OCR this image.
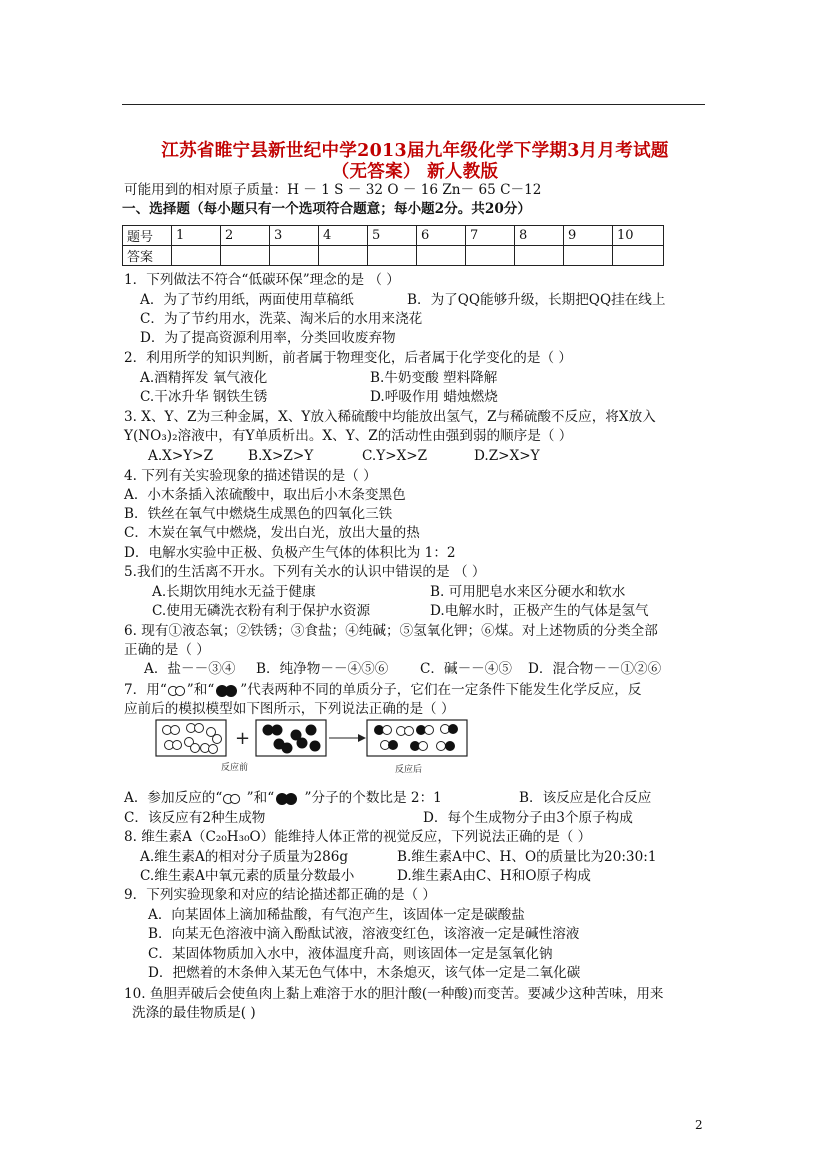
江苏省睢宁县新世纪中学2013届九年级化学下学期3月月考试题
（无答案） 新人教版
可能用到的相对原子质量：H － 1 S － 32 O － 16 Zn－ 65 C－12
一、选择题（每小题只有一个选项符合题意；每小题2分。共20分）
题号	1	2	3	4	5	6	7	8	9	10
答案										
1．下列做法不符合“低碳环保”理念的是 （ ）
A．为了节约用纸，两面使用草稿纸	B．为了QQ能够升级，长期把QQ挂在线上
C．为了节约用水，洗菜、淘米后的水用来浇花
D．为了提高资源利用率，分类回收废弃物
2．利用所学的知识判断，前者属于物理变化，后者属于化学变化的是（ ）
A.酒精挥发 氧气液化	B.牛奶变酸 塑料降解
C.干冰升华 钢铁生锈	D.呼吸作用 蜡烛燃烧
3. X、Y、Z为三种金属，X、Y放入稀硫酸中均能放出氢气，Z与稀硫酸不反应，将X放入
Y(NO₃)₂溶液中，有Y单质析出。X、Y、Z的活动性由强到弱的顺序是（ ）
A.X>Y>Z	B.X>Z>Y	C.Y>X>Z	D.Z>X>Y
4. 下列有关实验现象的描述错误的是（ ）
A．小木条插入浓硫酸中，取出后小木条变黑色
B．铁丝在氧气中燃烧生成黑色的四氧化三铁
C．木炭在氧气中燃烧，发出白光，放出大量的热
D．电解水实验中正极、负极产生气体的体积比为 1：2
5.我们的生活离不开水。下列有关水的认识中错误的是 （ ）
A.长期饮用纯水无益于健康	B. 可用肥皂水来区分硬水和软水
C.使用无磷洗衣粉有利于保护水资源	D.电解水时，正极产生的气体是氢气
6. 现有①液态氧；②铁锈；③食盐；④纯碱；⑤氢氧化钾；⑥煤。对上述物质的分类全部
正确的是（ ）
A．盐－－③④ B．纯净物－－④⑤⑥ C．碱－－④⑤ D．混合物－－①②⑥
7．用“ ”和“ ”代表两种不同的单质分子，它们在一定条件下能发生化学反应，反
应前后的模拟模型如下图所示，下列说法正确的是（ ）
+
反应前	反应后
A．参加反应的“ ”和“ ”分子的个数比是 2：1	B．该反应是化合反应
C．该反应有2种生成物	D．每个生成物分子由3个原子构成
8. 维生素A（C₂₀H₃₀O）能维持人体正常的视觉反应，下列说法正确的是（ ）
A.维生素A的相对分子质量为286g	B.维生素A中C、H、O的质量比为20:30:1
C.维生素A中氧元素的质量分数最小	D.维生素A由C、H和O原子构成
9．下列实验现象和对应的结论描述都正确的是（ ）
A．向某固体上滴加稀盐酸，有气泡产生，该固体一定是碳酸盐
B．向某无色溶液中滴入酚酞试液，溶液变红色，该溶液一定是碱性溶液
C．某固体物质加入水中，液体温度升高，则该固体一定是氢氧化钠
D．把燃着的木条伸入某无色气体中，木条熄灭，该气体一定是二氧化碳
10. 鱼胆弄破后会使鱼肉上黏上难溶于水的胆汁酸(一种酸)而变苦。要减少这种苦味，用来
洗涤的最佳物质是( )
2
